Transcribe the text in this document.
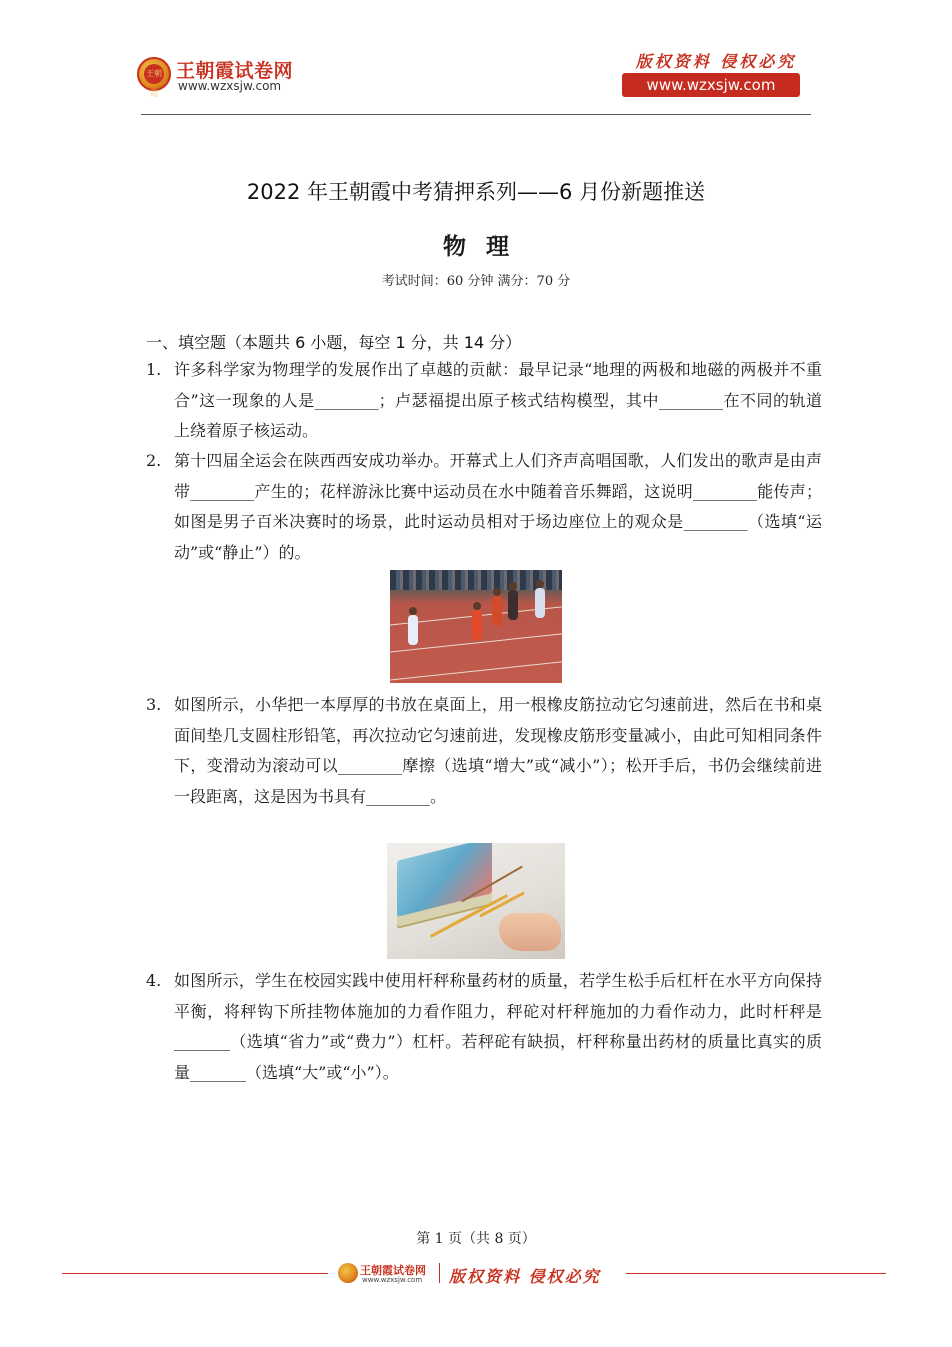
王朝霞
王朝霞试卷网
www.wzxsjw.com
版权资料 侵权必究
www.wzxsjw.com
2022 年王朝霞中考猜押系列——6 月份新题推送
物理
考试时间：60 分钟 满分：70 分
一、填空题（本题共 6 小题，每空 1 分，共 14 分）
1. 许多科学家为物理学的发展作出了卓越的贡献：最早记录“地理的两极和地磁的两极并不重合”这一现象的人是________；卢瑟福提出原子核式结构模型，其中________在不同的轨道上绕着原子核运动。
2. 第十四届全运会在陕西西安成功举办。开幕式上人们齐声高唱国歌，人们发出的歌声是由声带________产生的；花样游泳比赛中运动员在水中随着音乐舞蹈，这说明________能传声；如图是男子百米决赛时的场景，此时运动员相对于场边座位上的观众是________（选填“运动”或“静止”）的。
3. 如图所示，小华把一本厚厚的书放在桌面上，用一根橡皮筋拉动它匀速前进，然后在书和桌面间垫几支圆柱形铅笔，再次拉动它匀速前进，发现橡皮筋形变量减小，由此可知相同条件下，变滑动为滚动可以________摩擦（选填“增大”或“减小”）；松开手后，书仍会继续前进一段距离，这是因为书具有________。
4. 如图所示，学生在校园实践中使用杆秤称量药材的质量，若学生松手后杠杆在水平方向保持平衡，将秤钩下所挂物体施加的力看作阻力，秤砣对杆秤施加的力看作动力，此时杆秤是_______（选填“省力”或“费力”）杠杆。若秤砣有缺损，杆秤称量出药材的质量比真实的质量_______（选填“大”或“小”）。
第 1 页（共 8 页）
王朝霞试卷网
www.wzxsjw.com 版权资料 侵权必究
